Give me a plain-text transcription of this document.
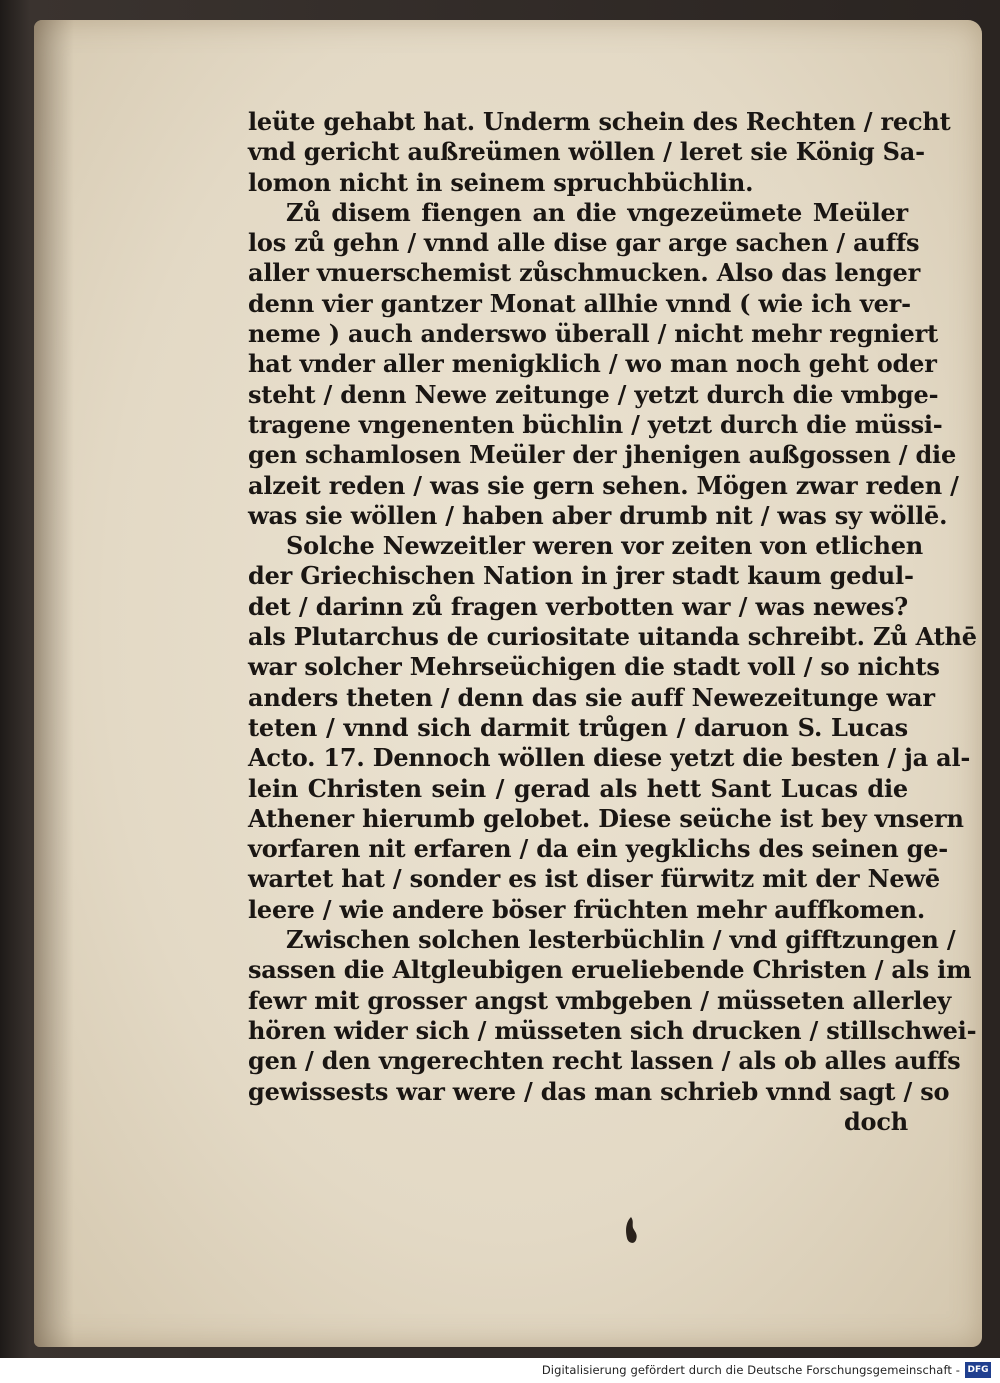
leüte gehabt hat. Underm schein des Rechten / recht
vnd gericht außreümen wöllen / leret sie König Sa-
lomon nicht in seinem spruchbüchlin.
Zů disem fiengen an die vngezeümete Meüler
los zů gehn / vnnd alle dise gar arge sachen / auffs
aller vnuerschemist zůschmucken. Also das lenger
denn vier gantzer Monat allhie vnnd ( wie ich ver-
neme ) auch anderswo überall / nicht mehr regniert
hat vnder aller menigklich / wo man noch geht oder
steht / denn Newe zeitunge / yetzt durch die vmbge-
tragene vngenenten büchlin / yetzt durch die müssi-
gen schamlosen Meüler der jhenigen außgossen / die
alzeit reden / was sie gern sehen. Mögen zwar reden /
was sie wöllen / haben aber drumb nit / was sy wöllē.
Solche Newzeitler weren vor zeiten von etlichen
der Griechischen Nation in jrer stadt kaum gedul-
det / darinn zů fragen verbotten war / was newes?
als Plutarchus de curiositate uitanda schreibt. Zů Athē
war solcher Mehrseüchigen die stadt voll / so nichts
anders theten / denn das sie auff Newezeitunge war
teten / vnnd sich darmit trůgen / daruon S. Lucas
Acto. 17. Dennoch wöllen diese yetzt die besten / ja al-
lein Christen sein / gerad als hett Sant Lucas die
Athener hierumb gelobet. Diese seüche ist bey vnsern
vorfaren nit erfaren / da ein yegklichs des seinen ge-
wartet hat / sonder es ist diser fürwitz mit der Newē
leere / wie andere böser früchten mehr auffkomen.
Zwischen solchen lesterbüchlin / vnd gifftzungen /
sassen die Altgleubigen erueliebende Christen / als im
fewr mit grosser angst vmbgeben / müsseten allerley
hören wider sich / müsseten sich drucken / stillschwei-
gen / den vngerechten recht lassen / als ob alles auffs
gewissests war were / das man schrieb vnnd sagt / so
doch
Digitalisierung gefördert durch die Deutsche Forschungsgemeinschaft - DFG
